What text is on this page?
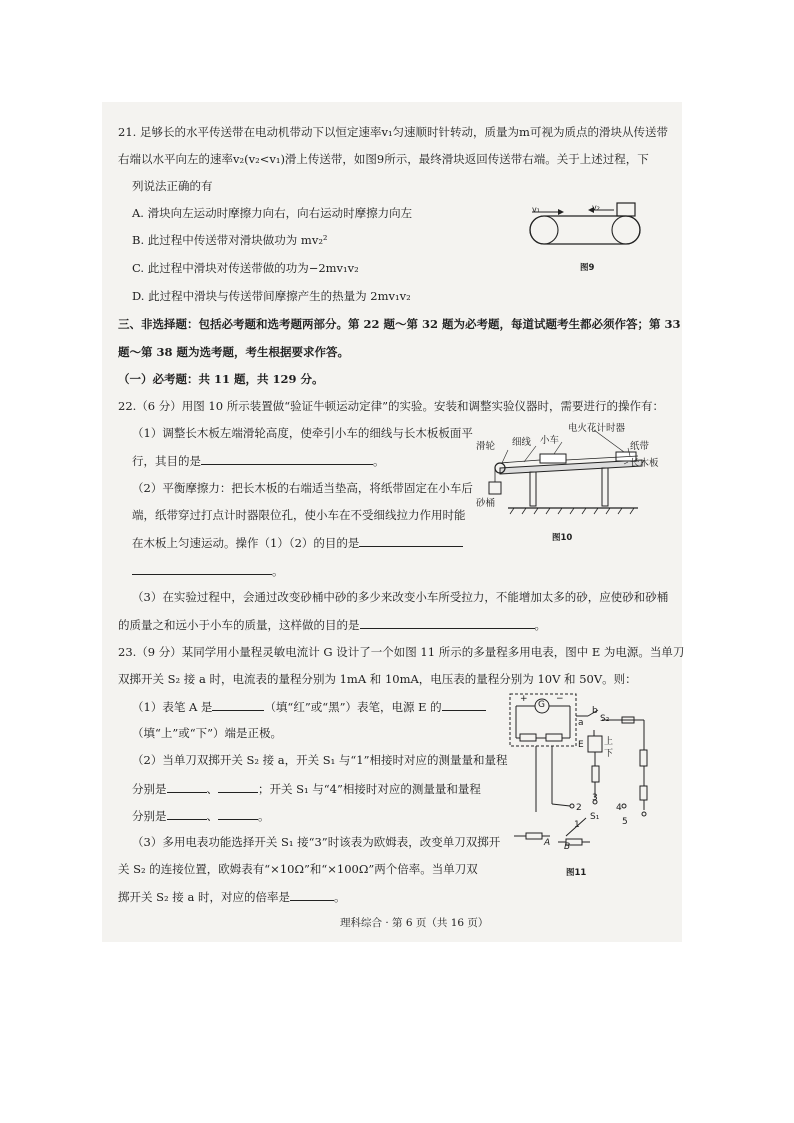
21. 足够长的水平传送带在电动机带动下以恒定速率v₁匀速顺时针转动，质量为m可视为质点的滑块从传送带
右端以水平向左的速率v₂(v₂<v₁)滑上传送带，如图9所示，最终滑块返回传送带右端。关于上述过程，下
列说法正确的有
A. 滑块向左运动时摩擦力向右，向右运动时摩擦力向左
B. 此过程中传送带对滑块做功为 mv₂²
C. 此过程中滑块对传送带做的功为−2mv₁v₂
D. 此过程中滑块与传送带间摩擦产生的热量为 2mv₁v₂
v₁	v₂
图9
三、非选择题：包括必考题和选考题两部分。第 22 题～第 32 题为必考题，每道试题考生都必须作答；第 33
题～第 38 题为选考题，考生根据要求作答。
（一）必考题：共 11 题，共 129 分。
22.（6 分）用图 10 所示装置做“验证牛顿运动定律”的实验。安装和调整实验仪器时，需要进行的操作有：
（1）调整长木板左端滑轮高度，使牵引小车的细线与长木板板面平
行，其目的是	。
（2）平衡摩擦力：把长木板的右端适当垫高，将纸带固定在小车后
端，纸带穿过打点计时器限位孔，使小车在不受细线拉力作用时能
在木板上匀速运动。操作（1）（2）的目的是
。
（3）在实验过程中，会通过改变砂桶中砂的多少来改变小车所受拉力，不能增加太多的砂，应使砂和砂桶
的质量之和远小于小车的质量，这样做的目的是	。
滑轮 细线 小车
电火花计时器
纸带
长木板
砂桶
图10
23.（9 分）某同学用小量程灵敏电流计 G 设计了一个如图 11 所示的多量程多用电表，图中 E 为电源。当单刀
双掷开关 S₂ 接 a 时，电流表的量程分别为 1mA 和 10mA，电压表的量程分别为 10V 和 50V。则：
（1）表笔 A 是	（填“红”或“黑”）表笔，电源 E 的
（填“上”或“下”）端是正极。
（2）当单刀双掷开关 S₂ 接 a，开关 S₁ 与“1”相接时对应的测量量和量程
分别是	、	；开关 S₁ 与“4”相接时对应的测量量和量程
分别是	、	。
（3）多用电表功能选择开关 S₁ 接“3”时该表为欧姆表，改变单刀双掷开
关 S₂ 的连接位置，欧姆表有“×10Ω”和“×100Ω”两个倍率。当单刀双
掷开关 S₂ 接 a 时，对应的倍率是	。
G
+	−
a
b
S₂
E 上
下
S₁
1
2
3
4
5
A B
图11
理科综合 · 第 6 页（共 16 页）
